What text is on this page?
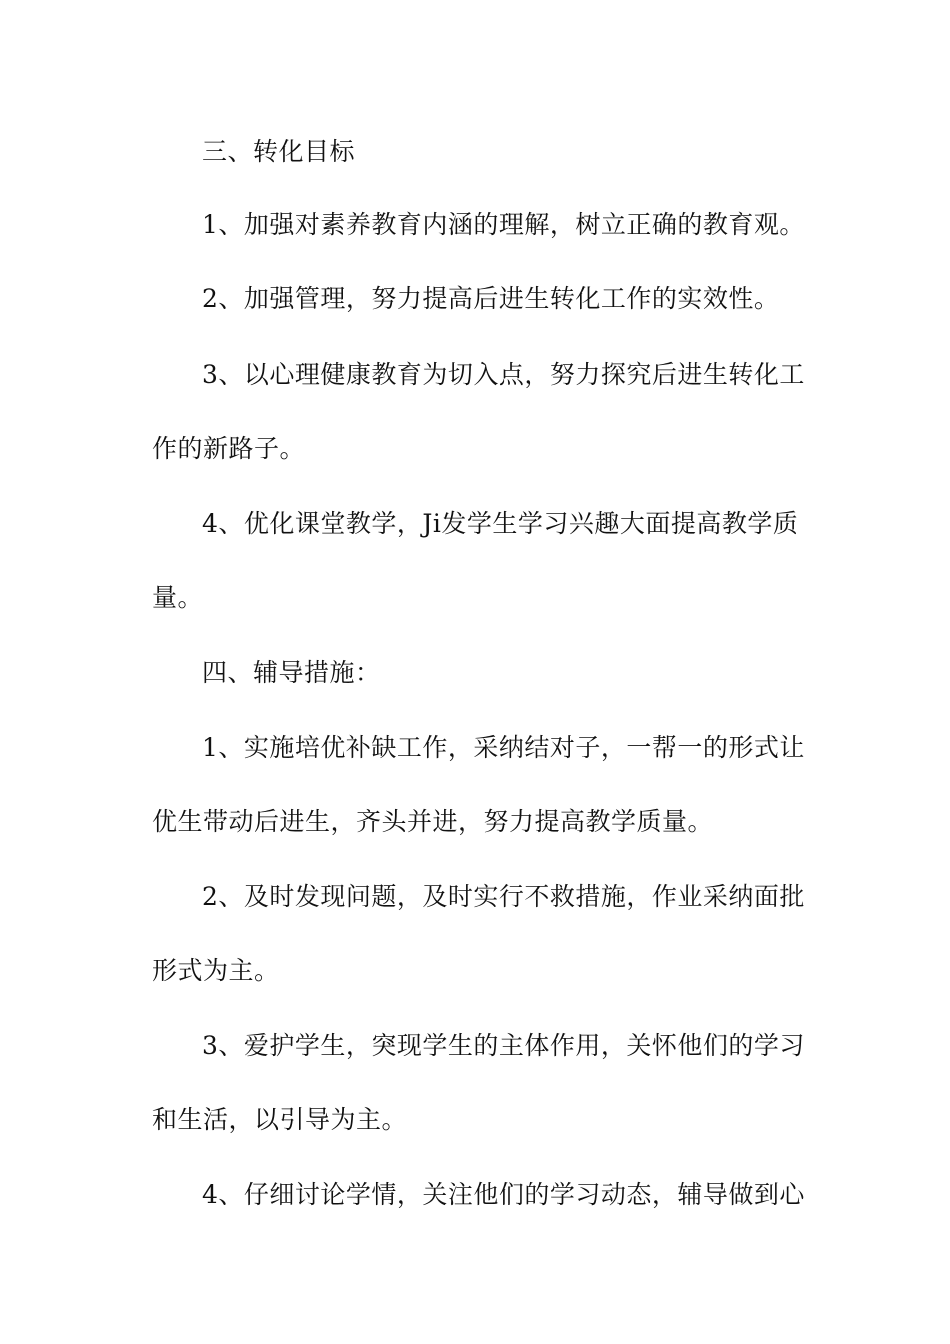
三、转化目标
1、加强对素养教育内涵的理解，树立正确的教育观。
2、加强管理，努力提高后进生转化工作的实效性。
3、以心理健康教育为切入点，努力探究后进生转化工
作的新路子。
4、优化课堂教学，Ji发学生学习兴趣大面提高教学质
量。
四、辅导措施：
1、实施培优补缺工作，采纳结对子，一帮一的形式让
优生带动后进生，齐头并进，努力提高教学质量。
2、及时发现问题，及时实行不救措施，作业采纳面批
形式为主。
3、爱护学生，突现学生的主体作用，关怀他们的学习
和生活，以引导为主。
4、仔细讨论学情，关注他们的学习动态，辅导做到心
